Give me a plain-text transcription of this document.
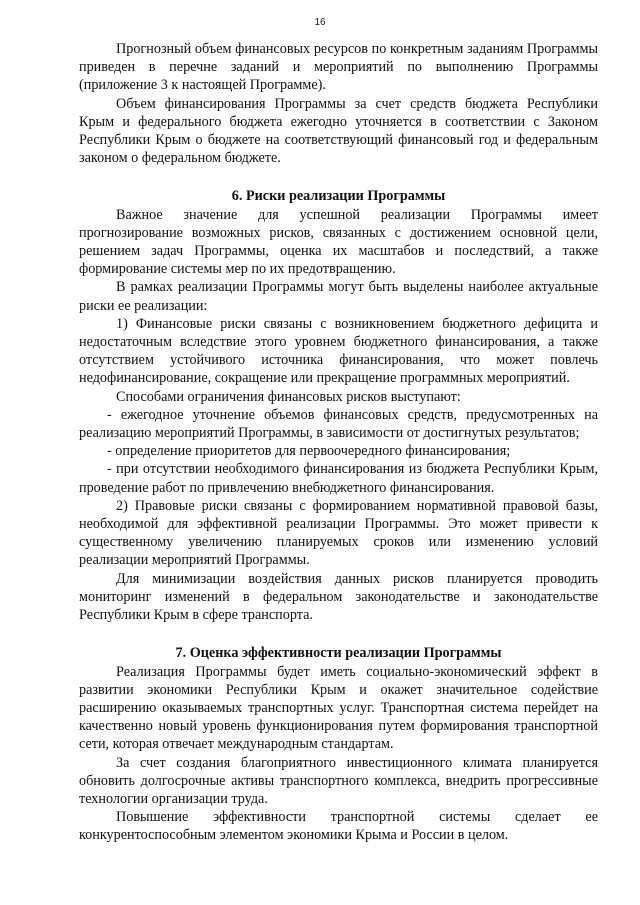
16

Прогнозный объем финансовых ресурсов по конкретным заданиям Программы приведен в перечне заданий и мероприятий по выполнению Программы (приложение 3 к настоящей Программе).

Объем финансирования Программы за счет средств бюджета Республики Крым и федерального бюджета ежегодно уточняется в соответствии с Законом Республики Крым о бюджете на соответствующий финансовый год и федеральным законом о федеральном бюджете.

6. Риски реализации Программы

Важное значение для успешной реализации Программы имеет прогнозирование возможных рисков, связанных с достижением основной цели, решением задач Программы, оценка их масштабов и последствий, а также формирование системы мер по их предотвращению.

В рамках реализации Программы могут быть выделены наиболее актуальные риски ее реализации:

1) Финансовые риски связаны с возникновением бюджетного дефицита и недостаточным вследствие этого уровнем бюджетного финансирования, а также отсутствием устойчивого источника финансирования, что может повлечь недофинансирование, сокращение или прекращение программных мероприятий.

Способами ограничения финансовых рисков выступают:

- ежегодное уточнение объемов финансовых средств, предусмотренных на реализацию мероприятий Программы, в зависимости от достигнутых результатов;

- определение приоритетов для первоочередного финансирования;

- при отсутствии необходимого финансирования из бюджета Республики Крым, проведение работ по привлечению внебюджетного финансирования.

2) Правовые риски связаны с формированием нормативной правовой базы, необходимой для эффективной реализации Программы. Это может привести к существенному увеличению планируемых сроков или изменению условий реализации мероприятий Программы.

Для минимизации воздействия данных рисков планируется проводить мониторинг изменений в федеральном законодательстве и законодательстве Республики Крым в сфере транспорта.

7. Оценка эффективности реализации Программы

Реализация Программы будет иметь социально-экономический эффект в развитии экономики Республики Крым и окажет значительное содействие расширению оказываемых транспортных услуг. Транспортная система перейдет на качественно новый уровень функционирования путем формирования транспортной сети, которая отвечает международным стандартам.

За счет создания благоприятного инвестиционного климата планируется обновить долгосрочные активы транспортного комплекса, внедрить прогрессивные технологии организации труда.

Повышение эффективности транспортной системы сделает ее конкурентоспособным элементом экономики Крыма и России в целом.
